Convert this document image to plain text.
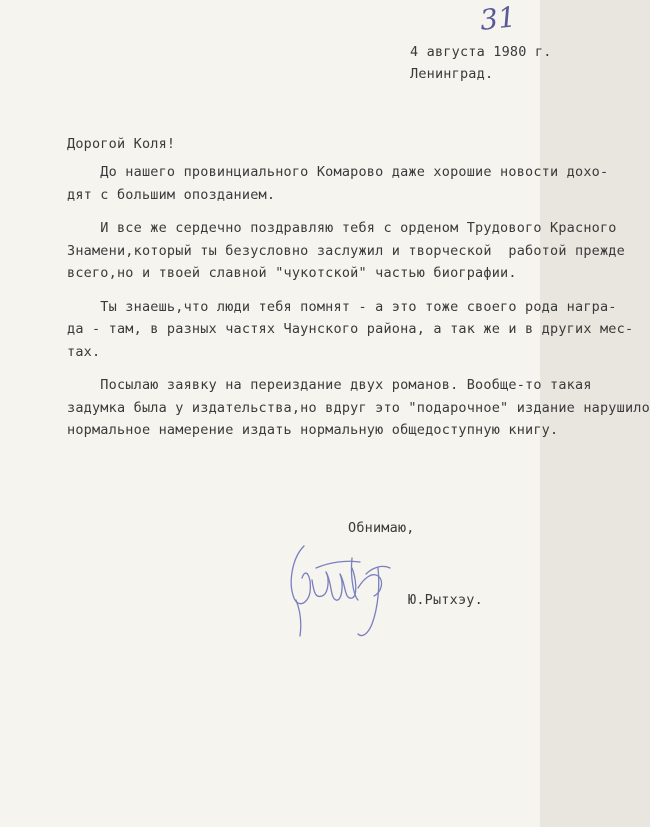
31
4 августа 1980 г.
Ленинград.
Дорогой Коля!
До нашего провинциального Комарово даже хорошие новости дохо-
дят с большим опозданием.
И все же сердечно поздравляю тебя с орденом Трудового Красного
Знамени,который ты безусловно заслужил и творческой  работой прежде
всего,но и твоей славной "чукотской" частью биографии.
Ты знаешь,что люди тебя помнят - а это тоже своего рода награ-
да - там, в разных частях Чаунского района, а так же и в других мес-
тах.
Посылаю заявку на переиздание двух романов. Вообще-то такая
задумка была у издательства,но вдруг это "подарочное" издание нарушило
нормальное намерение издать нормальную общедоступную книгу.
Обнимаю,
Ю.Рытхэу.
